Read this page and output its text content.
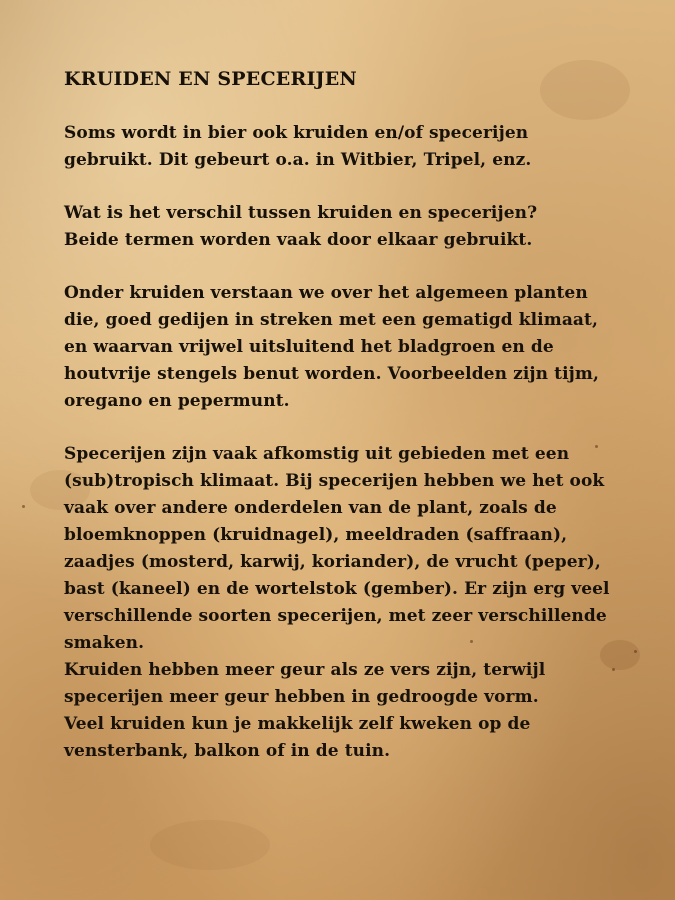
KRUIDEN EN SPECERIJEN

Soms wordt in bier ook kruiden en/of specerijen
gebruikt. Dit gebeurt o.a. in Witbier, Tripel, enz.

Wat is het verschil tussen kruiden en specerijen?
Beide termen worden vaak door elkaar gebruikt.

Onder kruiden verstaan we over het algemeen planten
die, goed gedijen in streken met een gematigd klimaat,
en waarvan vrijwel uitsluitend het bladgroen en de
houtvrije stengels benut worden. Voorbeelden zijn tijm,
oregano en pepermunt.

Specerijen zijn vaak afkomstig uit gebieden met een
(sub)tropisch klimaat. Bij specerijen hebben we het ook
vaak over andere onderdelen van de plant, zoals de
bloemknoppen (kruidnagel), meeldraden (saffraan),
zaadjes (mosterd, karwij, koriander), de vrucht (peper),
bast (kaneel) en de wortelstok (gember). Er zijn erg veel
verschillende soorten specerijen, met zeer verschillende
smaken.
Kruiden hebben meer geur als ze vers zijn, terwijl
specerijen meer geur hebben in gedroogde vorm.
Veel kruiden kun je makkelijk zelf kweken op de
vensterbank, balkon of in de tuin.
